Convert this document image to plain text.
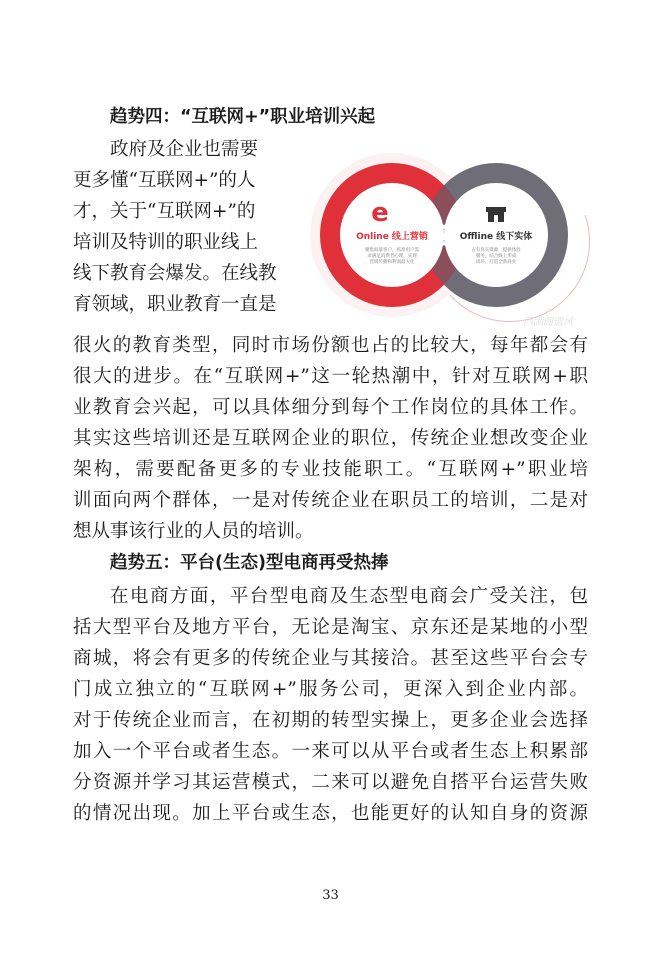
趋势四：“互联网+”职业培训兴起
政府及企业也需要
更多懂“互联网+”的人
才，关于“互联网+”的
培训及特训的职业线上
线下教育会爆发。在线教
育领域，职业教育一直是
很火的教育类型，同时市场份额也占的比较大，每年都会有
很大的进步。在“互联网+”这一轮热潮中，针对互联网+职
业教育会兴起，可以具体细分到每个工作岗位的具体工作。
其实这些培训还是互联网企业的职位，传统企业想改变企业
架构，需要配备更多的专业技能职工。“互联网+”职业培
训面向两个群体，一是对传统企业在职员工的培训，二是对
想从事该行业的人员的培训。
趋势五：平台(生态)型电商再受热捧
在电商方面，平台型电商及生态型电商会广受关注，包
括大型平台及地方平台，无论是淘宝、京东还是某地的小型
商城，将会有更多的传统企业与其接洽。甚至这些平台会专
门成立独立的“互联网+”服务公司，更深入到企业内部。
对于传统企业而言，在初期的转型实操上，更多企业会选择
加入一个平台或者生态。一来可以从平台或者生态上积累部
分资源并学习其运营模式，二来可以避免自搭平台运营失败
的情况出现。加上平台或生态，也能更好的认知自身的资源
33
2
e
Online 线上营销
聚集海量客户，抓准用户需
求满足消费者心理，实现
营销传播和利润最大化
Offline 线下实体
占有真实资源，提供体验
服务，结合线上形成
闭环，打造全新商业
西湖阁遗风
